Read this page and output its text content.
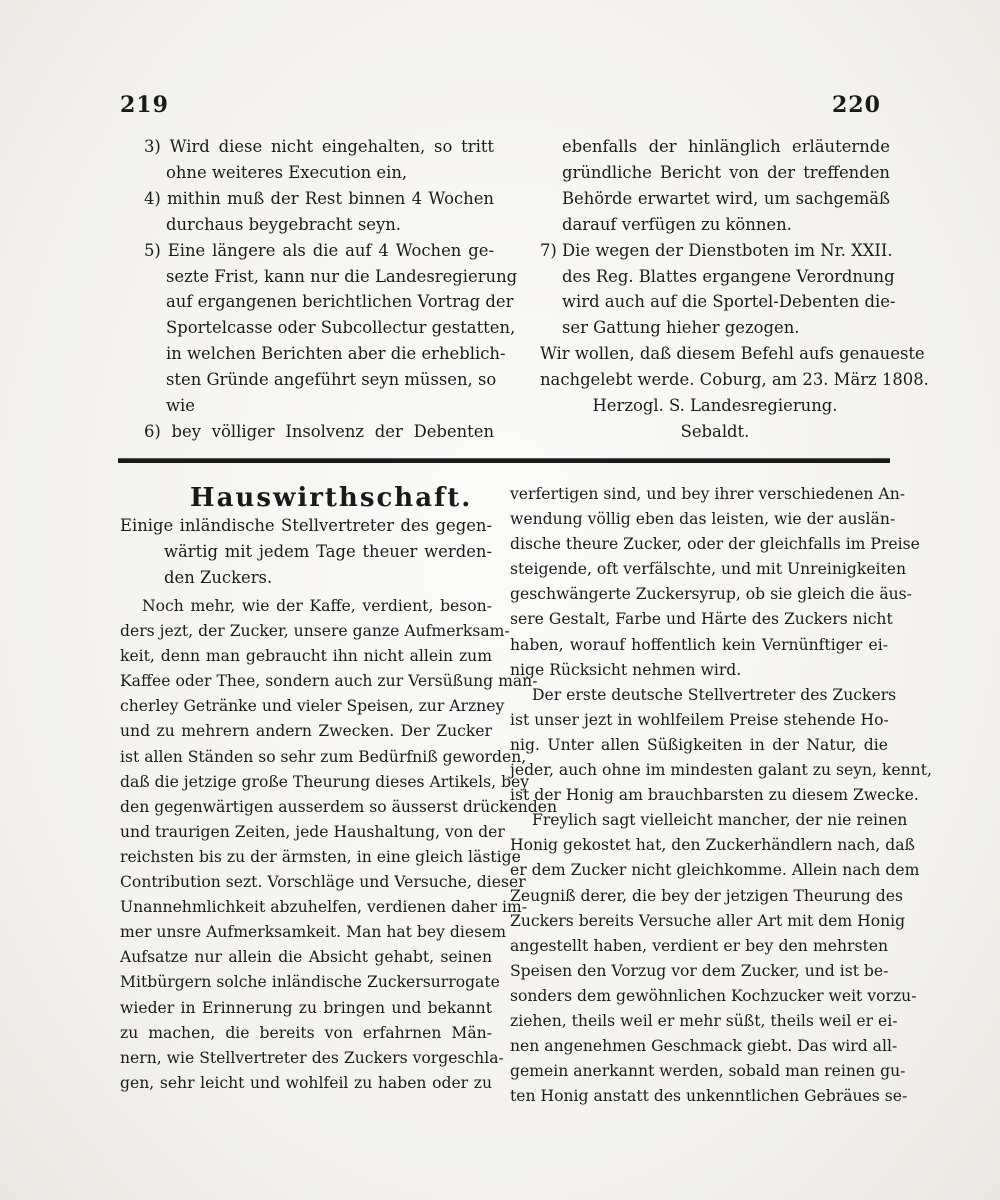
219	220
3) Wird diese nicht eingehalten, so tritt
ohne weiteres Execution ein,
4) mithin muß der Rest binnen 4 Wochen
durchaus beygebracht seyn.
5) Eine längere als die auf 4 Wochen ge-
sezte Frist, kann nur die Landesregierung
auf ergangenen berichtlichen Vortrag der
Sportelcasse oder Subcollectur gestatten,
in welchen Berichten aber die erheblich-
sten Gründe angeführt seyn müssen, so
wie
6) bey völliger Insolvenz der Debenten
ebenfalls der hinlänglich erläuternde
gründliche Bericht von der treffenden
Behörde erwartet wird, um sachgemäß
darauf verfügen zu können.
7) Die wegen der Dienstboten im Nr. XXII.
des Reg. Blattes ergangene Verordnung
wird auch auf die Sportel-Debenten die-
ser Gattung hieher gezogen.
Wir wollen, daß diesem Befehl aufs genaueste
nachgelebt werde. Coburg, am 23. März 1808.
Herzogl. S. Landesregierung.
Sebaldt.
Hauswirthschaft.
Einige inländische Stellvertreter des gegen-
wärtig mit jedem Tage theuer werden-
den Zuckers.
Noch mehr, wie der Kaffe, verdient, beson-
ders jezt, der Zucker, unsere ganze Aufmerksam-
keit, denn man gebraucht ihn nicht allein zum
Kaffee oder Thee, sondern auch zur Versüßung man-
cherley Getränke und vieler Speisen, zur Arzney
und zu mehrern andern Zwecken. Der Zucker
ist allen Ständen so sehr zum Bedürfniß geworden,
daß die jetzige große Theurung dieses Artikels, bey
den gegenwärtigen ausserdem so äusserst drückenden
und traurigen Zeiten, jede Haushaltung, von der
reichsten bis zu der ärmsten, in eine gleich lästige
Contribution sezt. Vorschläge und Versuche, dieser
Unannehmlichkeit abzuhelfen, verdienen daher im-
mer unsre Aufmerksamkeit. Man hat bey diesem
Aufsatze nur allein die Absicht gehabt, seinen
Mitbürgern solche inländische Zuckersurrogate
wieder in Erinnerung zu bringen und bekannt
zu machen, die bereits von erfahrnen Män-
nern, wie Stellvertreter des Zuckers vorgeschla-
gen, sehr leicht und wohlfeil zu haben oder zu
verfertigen sind, und bey ihrer verschiedenen An-
wendung völlig eben das leisten, wie der auslän-
dische theure Zucker, oder der gleichfalls im Preise
steigende, oft verfälschte, und mit Unreinigkeiten
geschwängerte Zuckersyrup, ob sie gleich die äus-
sere Gestalt, Farbe und Härte des Zuckers nicht
haben, worauf hoffentlich kein Vernünftiger ei-
nige Rücksicht nehmen wird.
Der erste deutsche Stellvertreter des Zuckers
ist unser jezt in wohlfeilem Preise stehende Ho-
nig. Unter allen Süßigkeiten in der Natur, die
jeder, auch ohne im mindesten galant zu seyn, kennt,
ist der Honig am brauchbarsten zu diesem Zwecke.
Freylich sagt vielleicht mancher, der nie reinen
Honig gekostet hat, den Zuckerhändlern nach, daß
er dem Zucker nicht gleichkomme. Allein nach dem
Zeugniß derer, die bey der jetzigen Theurung des
Zuckers bereits Versuche aller Art mit dem Honig
angestellt haben, verdient er bey den mehrsten
Speisen den Vorzug vor dem Zucker, und ist be-
sonders dem gewöhnlichen Kochzucker weit vorzu-
ziehen, theils weil er mehr süßt, theils weil er ei-
nen angenehmen Geschmack giebt. Das wird all-
gemein anerkannt werden, sobald man reinen gu-
ten Honig anstatt des unkenntlichen Gebräues se-
